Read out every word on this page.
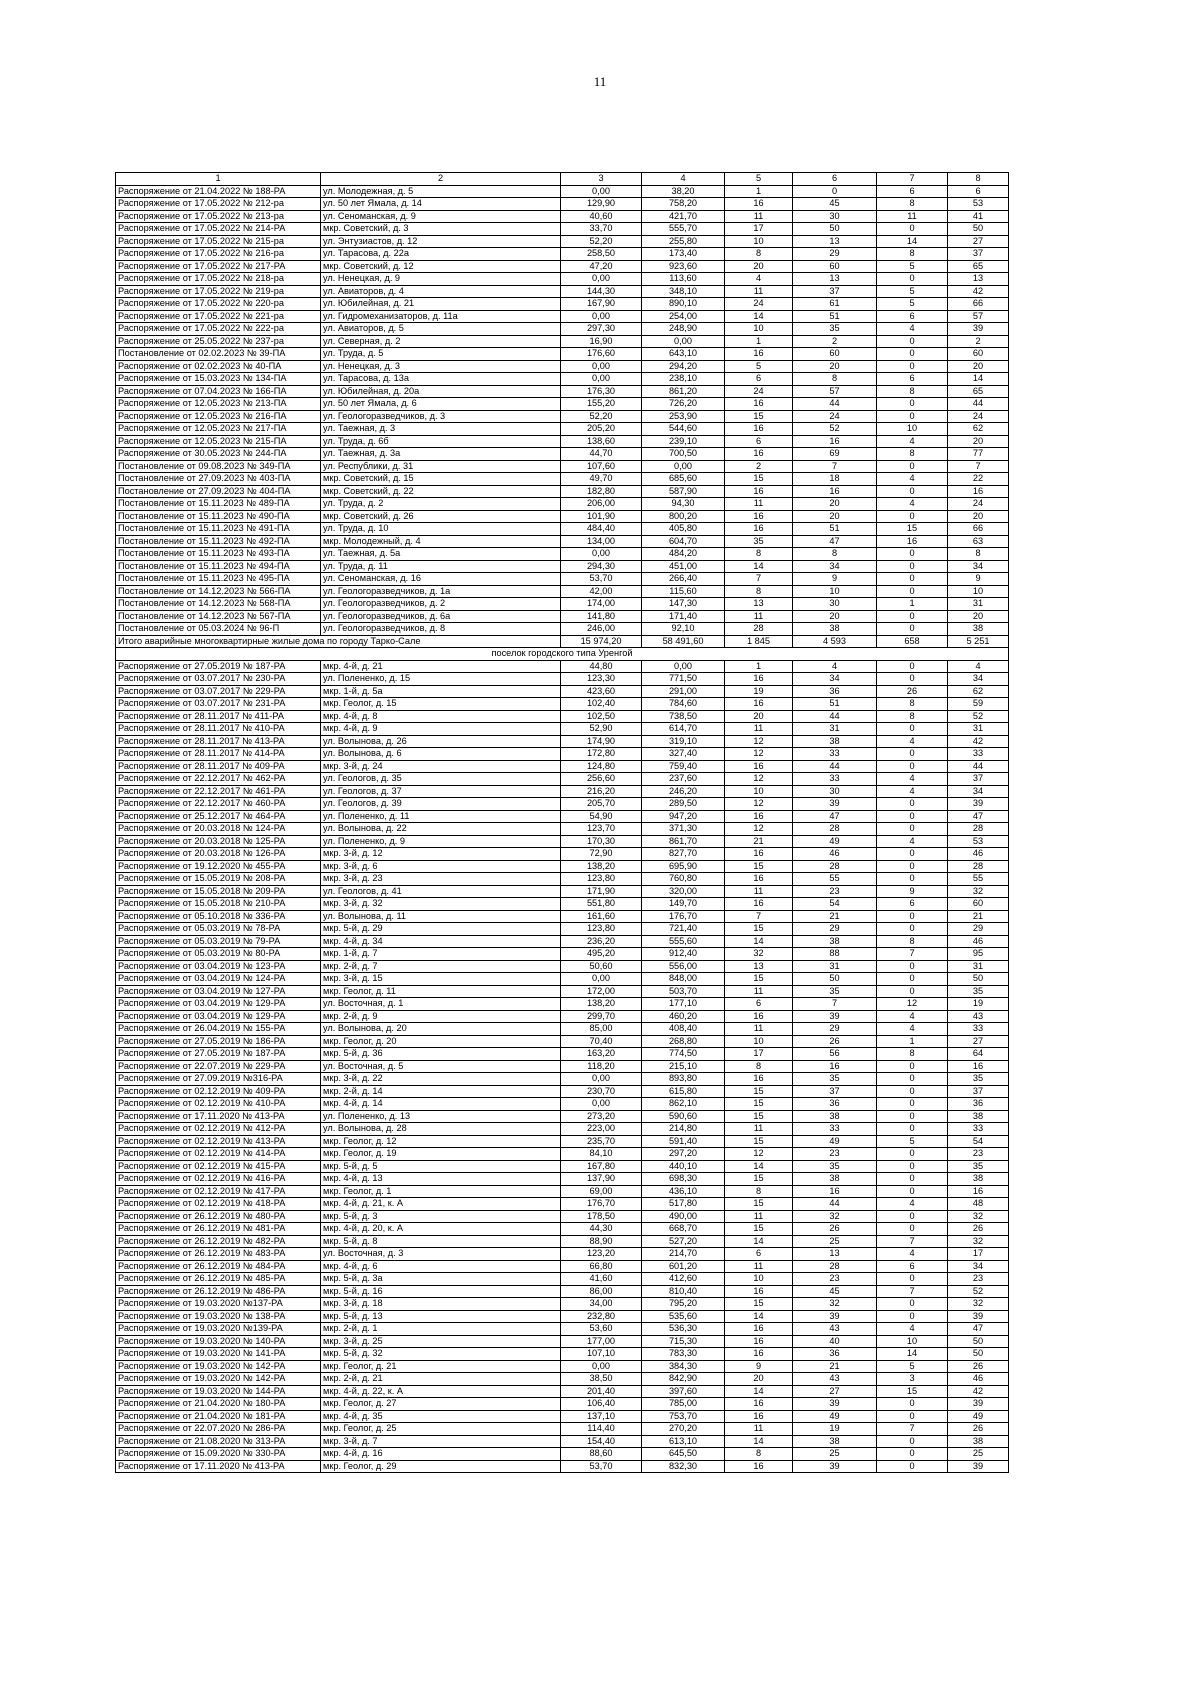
11
1	2	3	4	5	6	7	8
Распоряжение от 21.04.2022 № 188-РА	ул. Молодежная, д. 5	0,00	38,20	1	0	6	6
Распоряжение от 17.05.2022 № 212-ра	ул. 50 лет Ямала, д. 14	129,90	758,20	16	45	8	53
Распоряжение от 17.05.2022 № 213-ра	ул. Сеноманская, д. 9	40,60	421,70	11	30	11	41
Распоряжение от 17.05.2022 № 214-РА	мкр. Советский, д. 3	33,70	555,70	17	50	0	50
Распоряжение от 17.05.2022 № 215-ра	ул. Энтузиастов, д. 12	52,20	255,80	10	13	14	27
Распоряжение от 17.05.2022 № 216-ра	ул. Тарасова, д. 22а	258,50	173,40	8	29	8	37
Распоряжение от 17.05.2022 № 217-РА	мкр. Советский, д. 12	47,20	923,60	20	60	5	65
Распоряжение от 17.05.2022 № 218-ра	ул. Ненецкая, д. 9	0,00	113,60	4	13	0	13
Распоряжение от 17.05.2022 № 219-ра	ул. Авиаторов, д. 4	144,30	348,10	11	37	5	42
Распоряжение от 17.05.2022 № 220-ра	ул. Юбилейная, д. 21	167,90	890,10	24	61	5	66
Распоряжение от 17.05.2022 № 221-ра	ул. Гидромеханизаторов, д. 11а	0,00	254,00	14	51	6	57
Распоряжение от 17.05.2022 № 222-ра	ул. Авиаторов, д. 5	297,30	248,90	10	35	4	39
Распоряжение от 25.05.2022 № 237-ра	ул. Северная, д. 2	16,90	0,00	1	2	0	2
Постановление от 02.02.2023 № 39-ПА	ул. Труда, д. 5	176,60	643,10	16	60	0	60
Распоряжение от 02.02.2023 № 40-ПА	ул. Ненецкая, д. 3	0,00	294,20	5	20	0	20
Распоряжение от 15.03.2023 № 134-ПА	ул. Тарасова, д. 13а	0,00	238,10	6	8	6	14
Распоряжение от 07.04.2023 № 166-ПА	ул. Юбилейная, д. 20а	176,30	861,20	24	57	8	65
Распоряжение от 12.05.2023 № 213-ПА	ул. 50 лет Ямала, д. 6	155,20	726,20	16	44	0	44
Распоряжение от 12.05.2023 № 216-ПА	ул. Геологоразведчиков, д. 3	52,20	253,90	15	24	0	24
Распоряжение от 12.05.2023 № 217-ПА	ул. Таежная, д. 3	205,20	544,60	16	52	10	62
Распоряжение от 12.05.2023 № 215-ПА	ул. Труда, д. 6б	138,60	239,10	6	16	4	20
Распоряжение от 30.05.2023 № 244-ПА	ул. Таежная, д. 3а	44,70	700,50	16	69	8	77
Постановление от 09.08.2023 № 349-ПА	ул. Республики, д. 31	107,60	0,00	2	7	0	7
Постановление от 27.09.2023 № 403-ПА	мкр. Советский, д. 15	49,70	685,60	15	18	4	22
Постановление от 27.09.2023 № 404-ПА	мкр. Советский, д. 22	182,80	587,90	16	16	0	16
Постановление от 15.11.2023 № 489-ПА	ул. Труда, д. 2	206,00	94,30	11	20	4	24
Постановление от 15.11.2023 № 490-ПА	мкр. Советский, д. 26	101,90	800,20	16	20	0	20
Постановление от 15.11.2023 № 491-ПА	ул. Труда, д. 10	484,40	405,80	16	51	15	66
Постановление от 15.11.2023 № 492-ПА	мкр. Молодежный, д. 4	134,00	604,70	35	47	16	63
Постановление от 15.11.2023 № 493-ПА	ул. Таежная, д. 5а	0,00	484,20	8	8	0	8
Постановление от 15.11.2023 № 494-ПА	ул. Труда, д. 11	294,30	451,00	14	34	0	34
Постановление от 15.11.2023 № 495-ПА	ул. Сеноманская, д. 16	53,70	266,40	7	9	0	9
Постановление от 14.12.2023 № 566-ПА	ул. Геологоразведчиков, д. 1а	42,00	115,60	8	10	0	10
Постановление от 14.12.2023 № 568-ПА	ул. Геологоразведчиков, д. 2	174,00	147,30	13	30	1	31
Постановление от 14.12.2023 № 567-ПА	ул. Геологоразведчиков, д. 6а	141,80	171,40	11	20	0	20
Постановление от 05.03.2024 № 96-П	ул. Геологоразведчиков, д. 8	246,00	92,10	28	38	0	38
Итого аварийные многоквартирные жилые дома по городу Тарко-Сале		15 974,20	58 491,60	1 845	4 593	658	5 251
поселок городского типа Уренгой							
Распоряжение от 27.05.2019 № 187-РА	мкр. 4-й, д. 21	44,80	0,00	1	4	0	4
Распоряжение от 03.07.2017 № 230-РА	ул. Полененко, д. 15	123,30	771,50	16	34	0	34
Распоряжение от 03.07.2017 № 229-РА	мкр. 1-й, д. 5а	423,60	291,00	19	36	26	62
Распоряжение от 03.07.2017 № 231-РА	мкр. Геолог, д. 15	102,40	784,60	16	51	8	59
Распоряжение от 28.11.2017 № 411-РА	мкр. 4-й, д. 8	102,50	738,50	20	44	8	52
Распоряжение от 28.11.2017 № 410-РА	мкр. 4-й, д. 9	52,90	614,70	11	31	0	31
Распоряжение от 28.11.2017 № 413-РА	ул. Волынова, д. 26	174,90	319,10	12	38	4	42
Распоряжение от 28.11.2017 № 414-РА	ул. Волынова, д. 6	172,80	327,40	12	33	0	33
Распоряжение от 28.11.2017 № 409-РА	мкр. 3-й, д. 24	124,80	759,40	16	44	0	44
Распоряжение от 22.12.2017 № 462-РА	ул. Геологов, д. 35	256,60	237,60	12	33	4	37
Распоряжение от 22.12.2017 № 461-РА	ул. Геологов, д. 37	216,20	246,20	10	30	4	34
Распоряжение от 22.12.2017 № 460-РА	ул. Геологов, д. 39	205,70	289,50	12	39	0	39
Распоряжение от 25.12.2017 № 464-РА	ул. Полененко, д. 11	54,90	947,20	16	47	0	47
Распоряжение от 20.03.2018 № 124-РА	ул. Волынова, д. 22	123,70	371,30	12	28	0	28
Распоряжение от 20.03.2018 № 125-РА	ул. Полененко, д. 9	170,30	861,70	21	49	4	53
Распоряжение от 20.03.2018 № 126-РА	мкр. 3-й, д. 12	72,90	827,70	16	46	0	46
Распоряжение от 19.12.2020 № 455-РА	мкр. 3-й, д. 6	138,20	695,90	15	28	0	28
Распоряжение от 15.05.2019 № 208-РА	мкр. 3-й, д. 23	123,80	760,80	16	55	0	55
Распоряжение от 15.05.2018 № 209-РА	ул. Геологов, д. 41	171,90	320,00	11	23	9	32
Распоряжение от 15.05.2018 № 210-РА	мкр. 3-й, д. 32	551,80	149,70	16	54	6	60
Распоряжение от 05.10.2018 № 336-РА	ул. Волынова, д. 11	161,60	176,70	7	21	0	21
Распоряжение от 05.03.2019 № 78-РА	мкр. 5-й, д. 29	123,80	721,40	15	29	0	29
Распоряжение от 05.03.2019 № 79-РА	мкр. 4-й, д. 34	236,20	555,60	14	38	8	46
Распоряжение от 05.03.2019 № 80-РА	мкр. 1-й, д. 7	495,20	912,40	32	88	7	95
Распоряжение от 03.04.2019 № 123-РА	мкр. 2-й, д. 7	50,60	556,00	13	31	0	31
Распоряжение от 03.04.2019 № 124-РА	мкр. 3-й, д. 15	0,00	848,00	15	50	0	50
Распоряжение от 03.04.2019 № 127-РА	мкр. Геолог, д. 11	172,00	503,70	11	35	0	35
Распоряжение от 03.04.2019 № 129-РА	ул. Восточная, д. 1	138,20	177,10	6	7	12	19
Распоряжение от 03.04.2019 № 129-РА	мкр. 2-й, д. 9	299,70	460,20	16	39	4	43
Распоряжение от 26.04.2019 № 155-РА	ул. Волынова, д. 20	85,00	408,40	11	29	4	33
Распоряжение от 27.05.2019 № 186-РА	мкр. Геолог, д. 20	70,40	268,80	10	26	1	27
Распоряжение от 27.05.2019 № 187-РА	мкр. 5-й, д. 36	163,20	774,50	17	56	8	64
Распоряжение от 22.07.2019 № 229-РА	ул. Восточная, д. 5	118,20	215,10	8	16	0	16
Распоряжение от 27.09.2019 №316-РА	мкр. 3-й, д. 22	0,00	893,80	16	35	0	35
Распоряжение от 02.12.2019 № 409-РА	мкр. 2-й, д. 14	230,70	615,80	15	37	0	37
Распоряжение от 02.12.2019 № 410-РА	мкр. 4-й, д. 14	0,00	862,10	15	36	0	36
Распоряжение от 17.11.2020 № 413-РА	ул. Полененко, д. 13	273,20	590,60	15	38	0	38
Распоряжение от 02.12.2019 № 412-РА	ул. Волынова, д. 28	223,00	214,80	11	33	0	33
Распоряжение от 02.12.2019 № 413-РА	мкр. Геолог, д. 12	235,70	591,40	15	49	5	54
Распоряжение от 02.12.2019 № 414-РА	мкр. Геолог, д. 19	84,10	297,20	12	23	0	23
Распоряжение от 02.12.2019 № 415-РА	мкр. 5-й, д. 5	167,80	440,10	14	35	0	35
Распоряжение от 02.12.2019 № 416-РА	мкр. 4-й, д. 13	137,90	698,30	15	38	0	38
Распоряжение от 02.12.2019 № 417-РА	мкр. Геолог, д. 1	69,00	436,10	8	16	0	16
Распоряжение от 02.12.2019 № 418-РА	мкр. 4-й, д. 21, к. А	176,70	517,80	15	44	4	48
Распоряжение от 26.12.2019 № 480-РА	мкр. 5-й, д. 3	178,50	490,00	11	32	0	32
Распоряжение от 26.12.2019 № 481-РА	мкр. 4-й, д. 20, к. А	44,30	668,70	15	26	0	26
Распоряжение от 26.12.2019 № 482-РА	мкр. 5-й, д. 8	88,90	527,20	14	25	7	32
Распоряжение от 26.12.2019 № 483-РА	ул. Восточная, д. 3	123,20	214,70	6	13	4	17
Распоряжение от 26.12.2019 № 484-РА	мкр. 4-й, д. 6	66,80	601,20	11	28	6	34
Распоряжение от 26.12.2019 № 485-РА	мкр. 5-й, д. 3а	41,60	412,60	10	23	0	23
Распоряжение от 26.12.2019 № 486-РА	мкр. 5-й, д. 16	86,00	810,40	16	45	7	52
Распоряжение от 19.03.2020 №137-РА	мкр. 3-й, д. 18	34,00	795,20	15	32	0	32
Распоряжение от 19.03.2020 № 138-РА	мкр. 5-й, д. 13	232,80	535,60	14	39	0	39
Распоряжение от 19.03.2020 №139-РА	мкр. 2-й, д. 1	53,60	536,30	16	43	4	47
Распоряжение от 19.03.2020 № 140-РА	мкр. 3-й, д. 25	177,00	715,30	16	40	10	50
Распоряжение от 19.03.2020 № 141-РА	мкр. 5-й, д. 32	107,10	783,30	16	36	14	50
Распоряжение от 19.03.2020 № 142-РА	мкр. Геолог, д. 21	0,00	384,30	9	21	5	26
Распоряжение от 19.03.2020 № 142-РА	мкр. 2-й, д. 21	38,50	842,90	20	43	3	46
Распоряжение от 19.03.2020 № 144-РА	мкр. 4-й, д. 22, к. А	201,40	397,60	14	27	15	42
Распоряжение от 21.04.2020 № 180-РА	мкр. Геолог, д. 27	106,40	785,00	16	39	0	39
Распоряжение от 21.04.2020 № 181-РА	мкр. 4-й, д. 35	137,10	753,70	16	49	0	49
Распоряжение от 22.07.2020 № 286-РА	мкр. Геолог, д. 25	114,40	270,20	11	19	7	26
Распоряжение от 21.08.2020 № 313-РА	мкр. 3-й, д. 7	154,40	613,10	14	38	0	38
Распоряжение от 15.09.2020 № 330-РА	мкр. 4-й, д. 16	88,60	645,50	8	25	0	25
Распоряжение от 17.11.2020 № 413-РА	мкр. Геолог, д. 29	53,70	832,30	16	39	0	39
